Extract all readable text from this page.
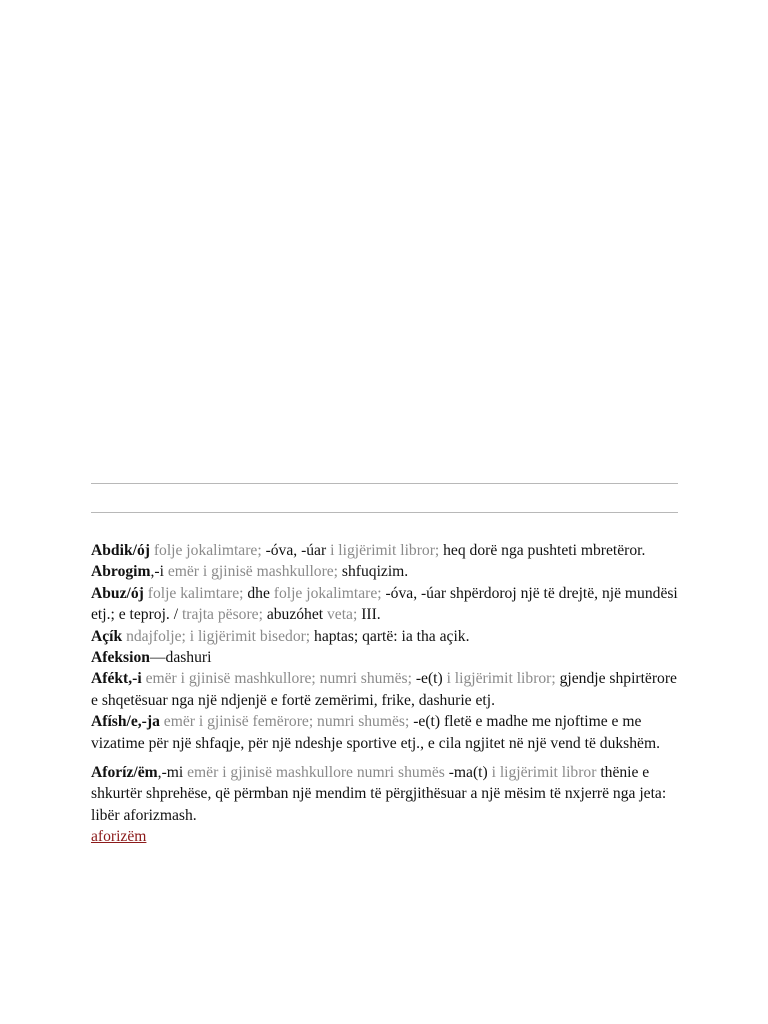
Abdik/ój folje jokalimtare; -óva, -úar i ligjërimit libror; heq dorë nga pushteti mbretëror.

Abrogim,-i emër i gjinisë mashkullore; shfuqizim.

Abuz/ój folje kalimtare; dhe folje jokalimtare; -óva, -úar shpërdoroj një të drejtë, një mundësi etj.; e teproj. / trajta pësore; abuzóhet veta; III.

Açík ndajfolje; i ligjërimit bisedor; haptas; qartë: ia tha açik.

Afeksion—dashuri

Afékt,-i emër i gjinisë mashkullore; numri shumës; -e(t) i ligjërimit libror; gjendje shpirtërore e shqetësuar nga një ndjenjë e fortë zemërimi, frike, dashurie etj.

Afísh/e,-ja emër i gjinisë femërore; numri shumës; -e(t) fletë e madhe me njoftime e me vizatime për një shfaqje, për një ndeshje sportive etj., e cila ngjitet në një vend të dukshëm.

Aforíz/ëm,-mi emër i gjinisë mashkullore numri shumës -ma(t) i ligjërimit libror thënie e shkurtër shprehëse, që përmban një mendim të përgjithësuar a një mësim të nxjerrë nga jeta: libër aforizmash.

aforizëm
